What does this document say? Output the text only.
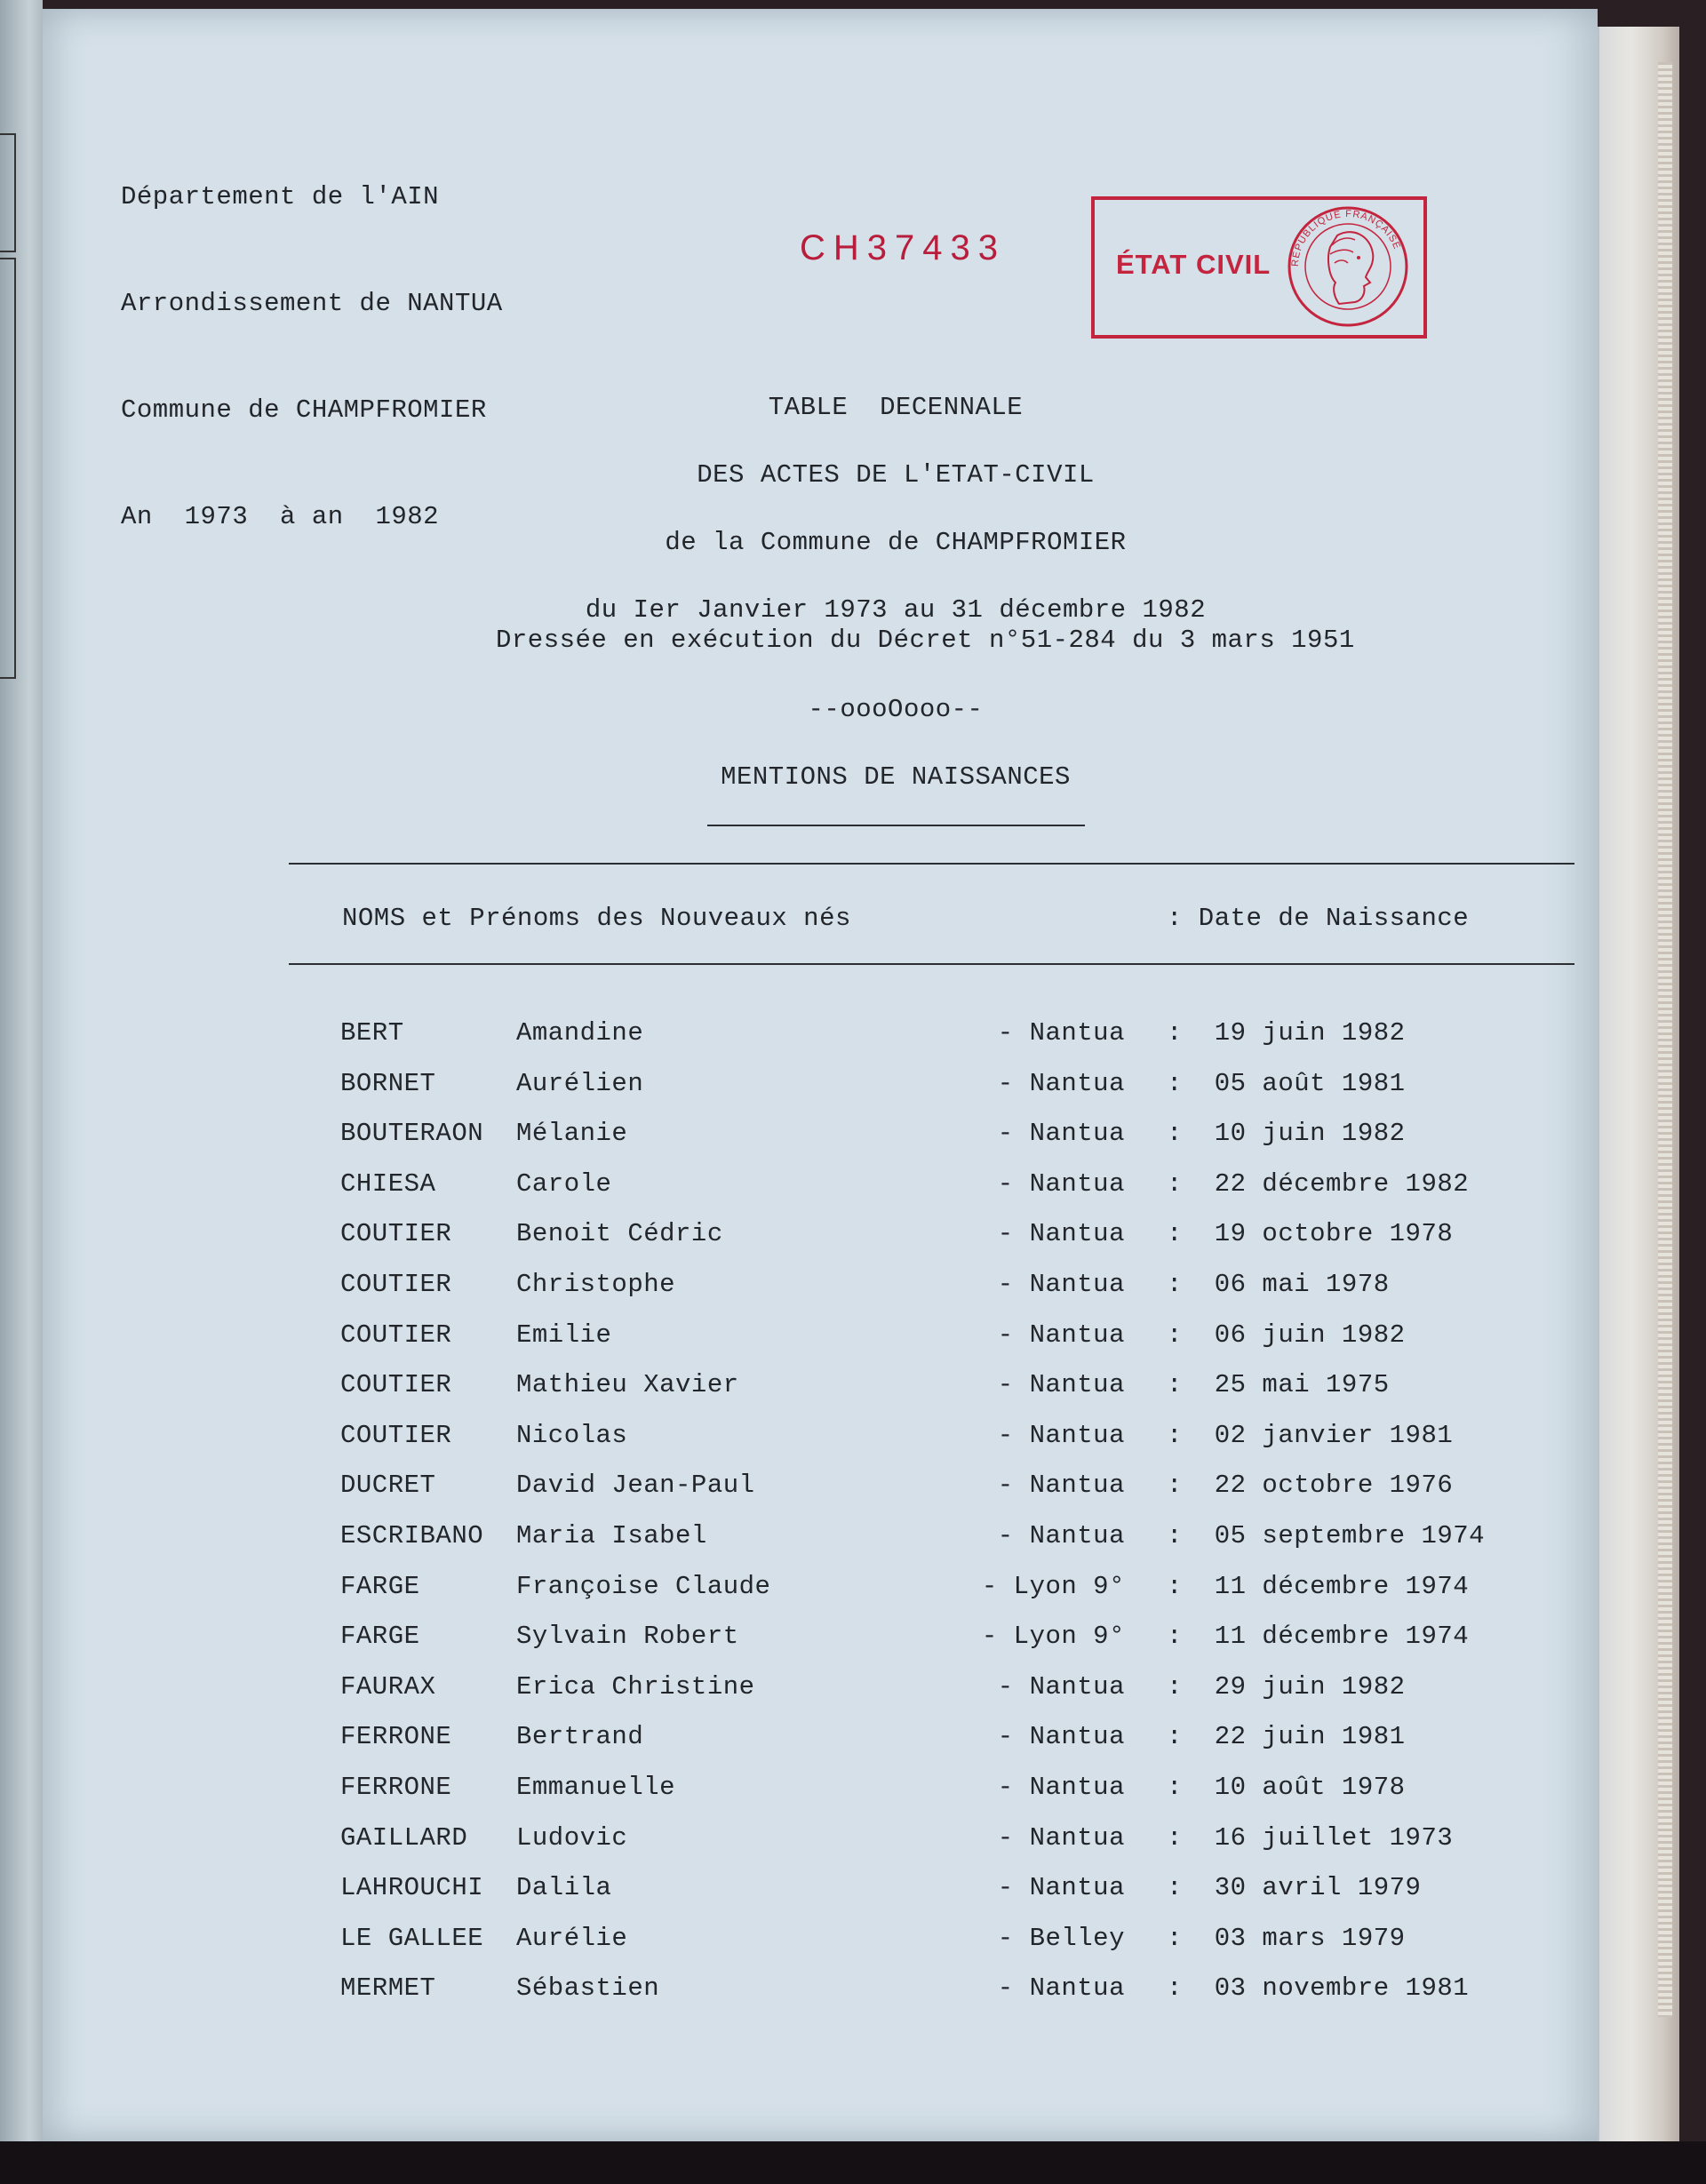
Département de l'AIN

Arrondissement de NANTUA

Commune de CHAMPFROMIER

An  1973  à an  1982

CH37433	ÉTAT CIVIL RÉPUBLIQUE FRANÇAISE
TABLE  DECENNALE
DES ACTES DE L'ETAT-CIVIL
de la Commune de CHAMPFROMIER
du Ier Janvier 1973 au 31 décembre 1982
Dressée en exécution du Décret n°51-284 du 3 mars 1951
--oooOooo--
MENTIONS DE NAISSANCES
NOMS et Prénoms des Nouveaux nés	: Date de Naissance
BERT	Amandine	- Nantua :  19 juin 1982
BORNET	Aurélien	- Nantua :  05 août 1981
BOUTERAON Mélanie	- Nantua :  10 juin 1982
CHIESA	Carole	- Nantua :  22 décembre 1982
COUTIER	Benoit Cédric	- Nantua :  19 octobre 1978
COUTIER	Christophe	- Nantua :  06 mai 1978
COUTIER	Emilie	- Nantua :  06 juin 1982
COUTIER	Mathieu Xavier	- Nantua :  25 mai 1975
COUTIER	Nicolas	- Nantua :  02 janvier 1981
DUCRET	David Jean-Paul	- Nantua :  22 octobre 1976
ESCRIBANO Maria Isabel	- Nantua :  05 septembre 1974
FARGE	Françoise Claude	- Lyon 9° :  11 décembre 1974
FARGE	Sylvain Robert	- Lyon 9° :  11 décembre 1974
FAURAX	Erica Christine	- Nantua :  29 juin 1982
FERRONE	Bertrand	- Nantua :  22 juin 1981
FERRONE	Emmanuelle	- Nantua :  10 août 1978
GAILLARD Ludovic	- Nantua :  16 juillet 1973
LAHROUCHI Dalila	- Nantua :  30 avril 1979
LE GALLEE Aurélie	- Belley :  03 mars 1979
MERMET	Sébastien	- Nantua :  03 novembre 1981
